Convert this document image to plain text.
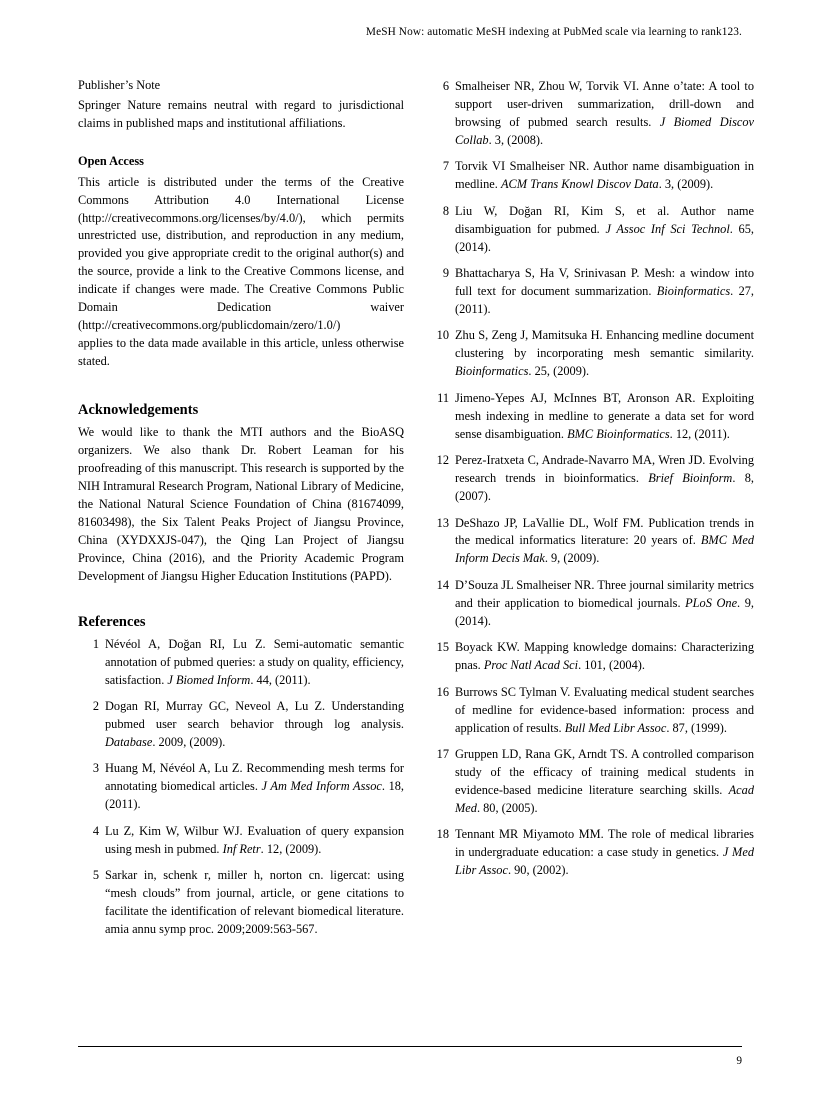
MeSH Now: automatic MeSH indexing at PubMed scale via learning to rank123.
Publisher’s Note

Springer Nature remains neutral with regard to jurisdictional claims in published maps and institutional affiliations.

Open Access

This article is distributed under the terms of the Creative Commons Attribution 4.0 International License (http://creativecommons.org/licenses/by/4.0/), which permits unrestricted use, distribution, and reproduction in any medium, provided you give appropriate credit to the original author(s) and the source, provide a link to the Creative Commons license, and indicate if changes were made. The Creative Commons Public Domain Dedication waiver (http://creativecommons.org/publicdomain/zero/1.0/)

applies to the data made available in this article, unless otherwise stated.

Acknowledgements

We would like to thank the MTI authors and the BioASQ organizers. We also thank Dr. Robert Leaman for his proofreading of this manuscript. This research is supported by the NIH Intramural Research Program, National Library of Medicine, the National Natural Science Foundation of China (81674099, 81603498), the Six Talent Peaks Project of Jiangsu Province, China (XYDXXJS-047), the Qing Lan Project of Jiangsu Province, China (2016), and the Priority Academic Program Development of Jiangsu Higher Education Institutions (PAPD).

References
1 Névéol A, Doğan RI, Lu Z. Semi-automatic semantic annotation of pubmed queries: a study on quality, efficiency, satisfaction. J Biomed Inform. 44, (2011).
2 Dogan RI, Murray GC, Neveol A, Lu Z. Understanding pubmed user search behavior through log analysis. Database. 2009, (2009).
3 Huang M, Névéol A, Lu Z. Recommending mesh terms for annotating biomedical articles. J Am Med Inform Assoc. 18, (2011).
4 Lu Z, Kim W, Wilbur WJ. Evaluation of query expansion using mesh in pubmed. Inf Retr. 12, (2009).
5 Sarkar in, schenk r, miller h, norton cn. ligercat: using “mesh clouds” from journal, article, or gene citations to facilitate the identification of relevant biomedical literature. amia annu symp proc. 2009;2009:563-567.
6 Smalheiser NR, Zhou W, Torvik VI. Anne o’tate: A tool to support user-driven summarization, drill-down and browsing of pubmed search results. J Biomed Discov Collab. 3, (2008).
7 Torvik VI Smalheiser NR. Author name disambiguation in medline. ACM Trans Knowl Discov Data. 3, (2009).
8 Liu W, Doğan RI, Kim S, et al. Author name disambiguation for pubmed. J Assoc Inf Sci Technol. 65, (2014).
9 Bhattacharya S, Ha V, Srinivasan P. Mesh: a window into full text for document summarization. Bioinformatics. 27, (2011).
10 Zhu S, Zeng J, Mamitsuka H. Enhancing medline document clustering by incorporating mesh semantic similarity. Bioinformatics. 25, (2009).
11 Jimeno-Yepes AJ, McInnes BT, Aronson AR. Exploiting mesh indexing in medline to generate a data set for word sense disambiguation. BMC Bioinformatics. 12, (2011).
12 Perez-Iratxeta C, Andrade-Navarro MA, Wren JD. Evolving research trends in bioinformatics. Brief Bioinform. 8, (2007).
13 DeShazo JP, LaVallie DL, Wolf FM. Publication trends in the medical informatics literature: 20 years of. BMC Med Inform Decis Mak. 9, (2009).
14 D’Souza JL Smalheiser NR. Three journal similarity metrics and their application to biomedical journals. PLoS One. 9, (2014).
15 Boyack KW. Mapping knowledge domains: Characterizing pnas. Proc Natl Acad Sci. 101, (2004).
16 Burrows SC Tylman V. Evaluating medical student searches of medline for evidence-based information: process and application of results. Bull Med Libr Assoc. 87, (1999).
17 Gruppen LD, Rana GK, Arndt TS. A controlled comparison study of the efficacy of training medical students in evidence-based medicine literature searching skills. Acad Med. 80, (2005).
18 Tennant MR Miyamoto MM. The role of medical libraries in undergraduate education: a case study in genetics. J Med Libr Assoc. 90, (2002).
9
